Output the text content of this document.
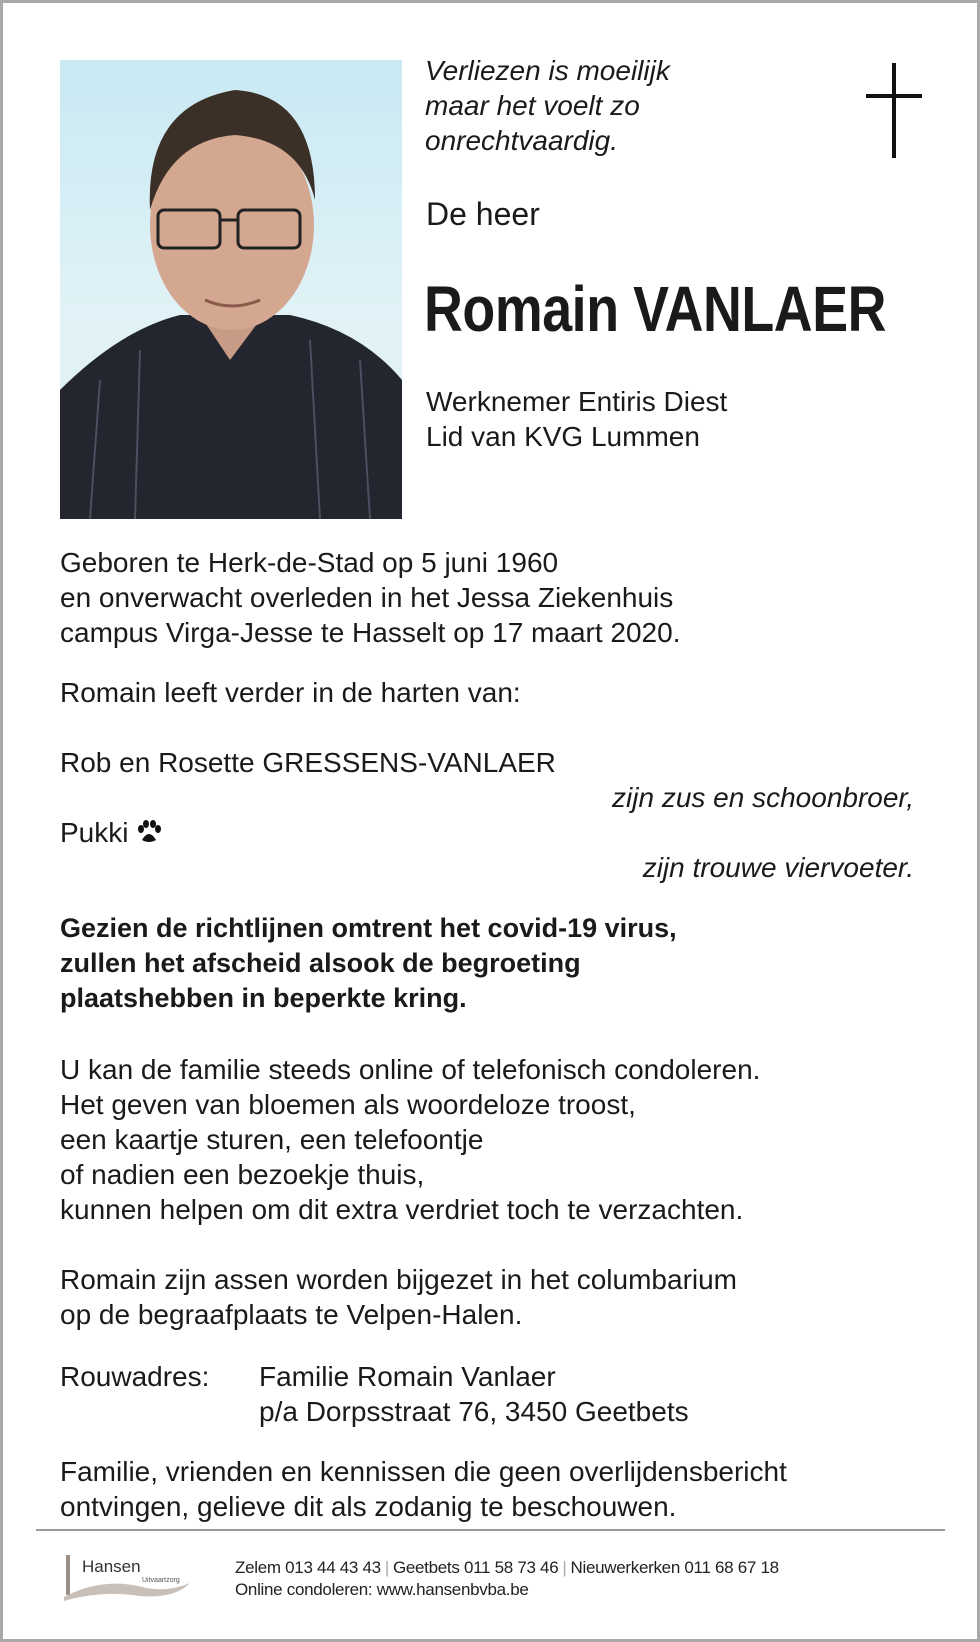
Verliezen is moeilijk
maar het voelt zo
onrechtvaardig.
De heer
Romain VANLAER
Werknemer Entiris Diest
Lid van KVG Lummen
Geboren te Herk-de-Stad op 5 juni 1960
en onverwacht overleden in het Jessa Ziekenhuis
campus Virga-Jesse te Hasselt op 17 maart 2020.
Romain leeft verder in de harten van:
Rob en Rosette GRESSENS-VANLAER
zijn zus en schoonbroer,
Pukki
zijn trouwe viervoeter.
Gezien de richtlijnen omtrent het covid-19 virus,
zullen het afscheid alsook de begroeting
plaatshebben in beperkte kring.
U kan de familie steeds online of telefonisch condoleren.
Het geven van bloemen als woordeloze troost,
een kaartje sturen, een telefoontje
of nadien een bezoekje thuis,
kunnen helpen om dit extra verdriet toch te verzachten.
Romain zijn assen worden bijgezet in het columbarium
op de begraafplaats te Velpen-Halen.
Rouwadres: Familie Romain Vanlaer
p/a Dorpsstraat 76, 3450 Geetbets
Familie, vrienden en kennissen die geen overlijdensbericht
ontvingen, gelieve dit als zodanig te beschouwen.
Hansen
Uitvaartzorg
Zelem 013 44 43 43 | Geetbets 011 58 73 46 | Nieuwerkerken 011 68 67 18
Online condoleren: www.hansenbvba.be
